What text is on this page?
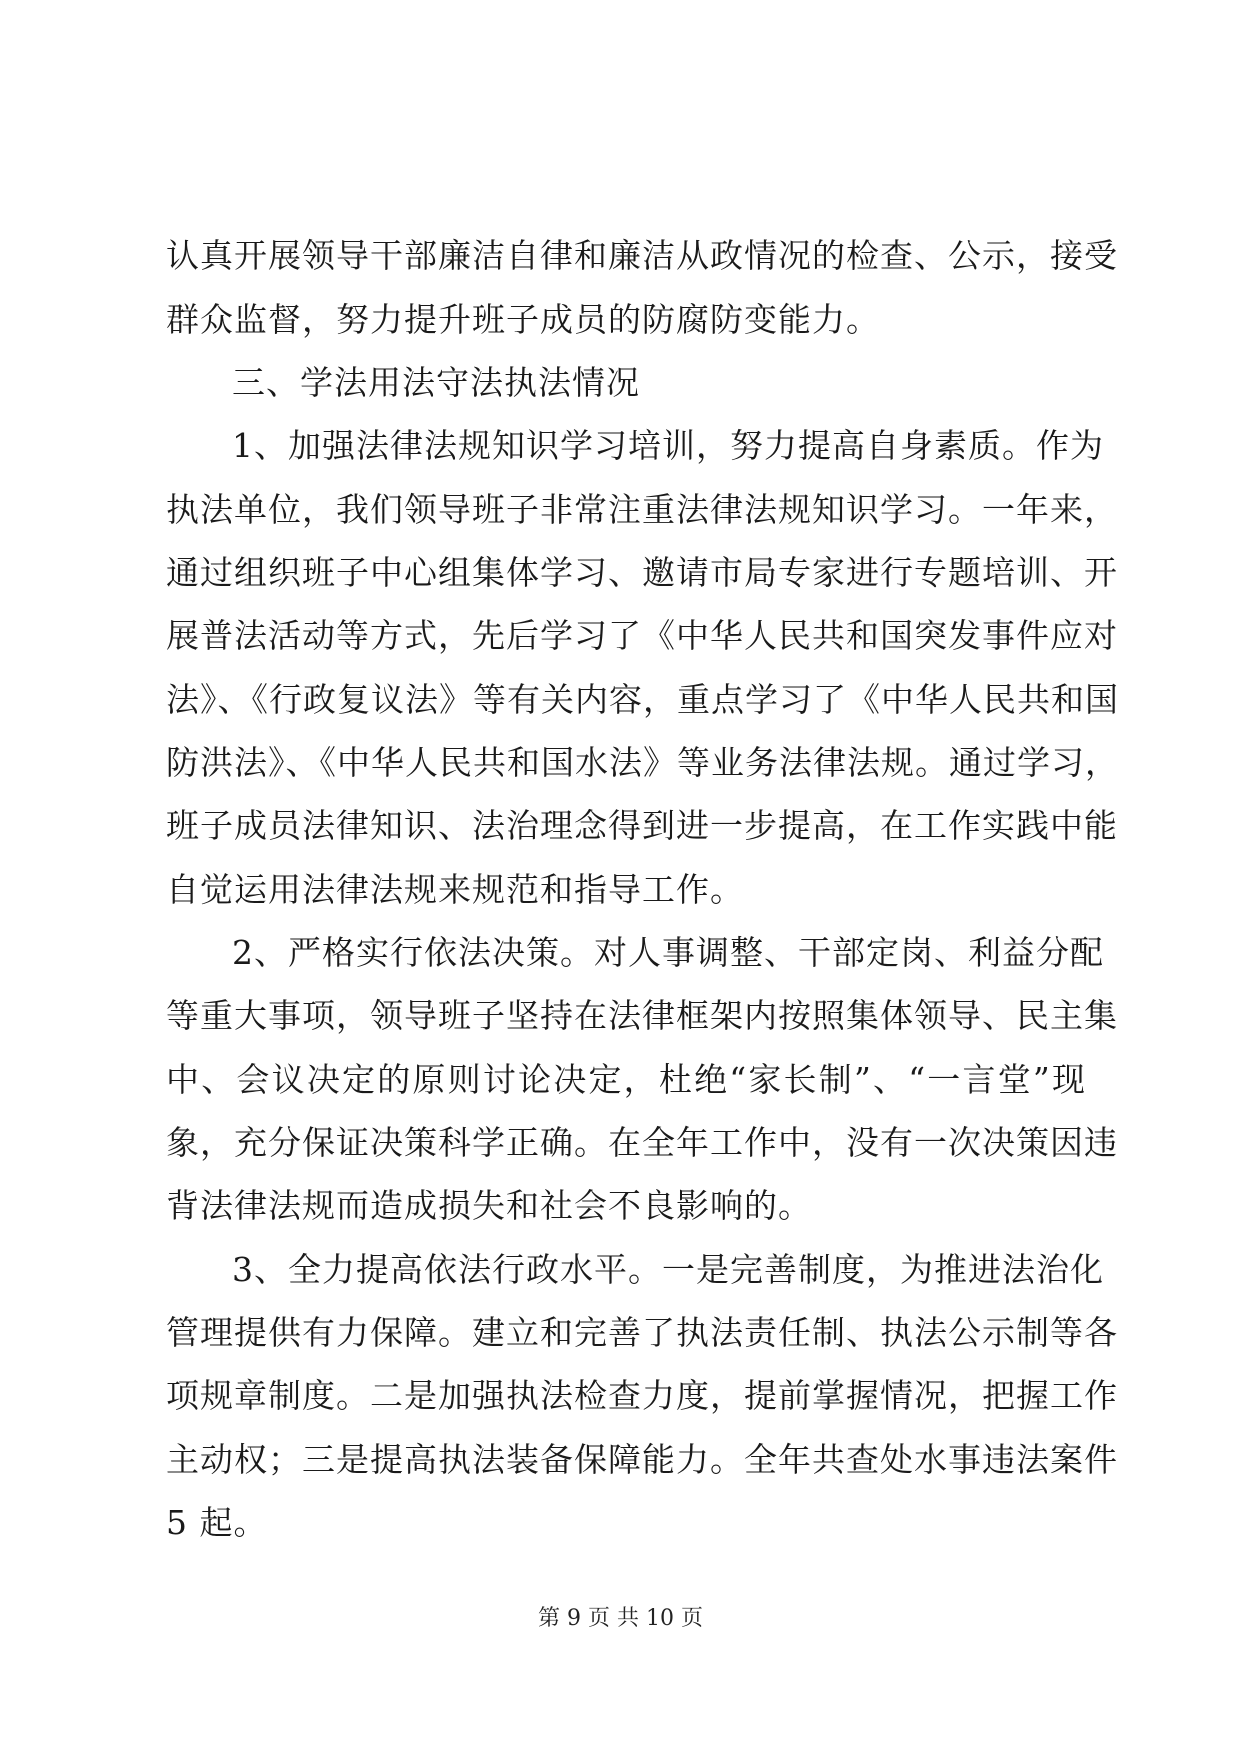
认真开展领导干部廉洁自律和廉洁从政情况的检查、公示，接受
群众监督，努力提升班子成员的防腐防变能力。
三、学法用法守法执法情况
1、加强法律法规知识学习培训，努力提高自身素质。作为
执法单位，我们领导班子非常注重法律法规知识学习。一年来，
通过组织班子中心组集体学习、邀请市局专家进行专题培训、开
展普法活动等方式，先后学习了《中华人民共和国突发事件应对
法》、《行政复议法》等有关内容，重点学习了《中华人民共和国
防洪法》、《中华人民共和国水法》等业务法律法规。通过学习，
班子成员法律知识、法治理念得到进一步提高，在工作实践中能
自觉运用法律法规来规范和指导工作。
2、严格实行依法决策。对人事调整、干部定岗、利益分配
等重大事项，领导班子坚持在法律框架内按照集体领导、民主集
中、会议决定的原则讨论决定，杜绝“家长制”、“一言堂”现
象，充分保证决策科学正确。在全年工作中，没有一次决策因违
背法律法规而造成损失和社会不良影响的。
3、全力提高依法行政水平。一是完善制度，为推进法治化
管理提供有力保障。建立和完善了执法责任制、执法公示制等各
项规章制度。二是加强执法检查力度，提前掌握情况，把握工作
主动权；三是提高执法装备保障能力。全年共查处水事违法案件
5 起。
第 9 页 共 10 页
